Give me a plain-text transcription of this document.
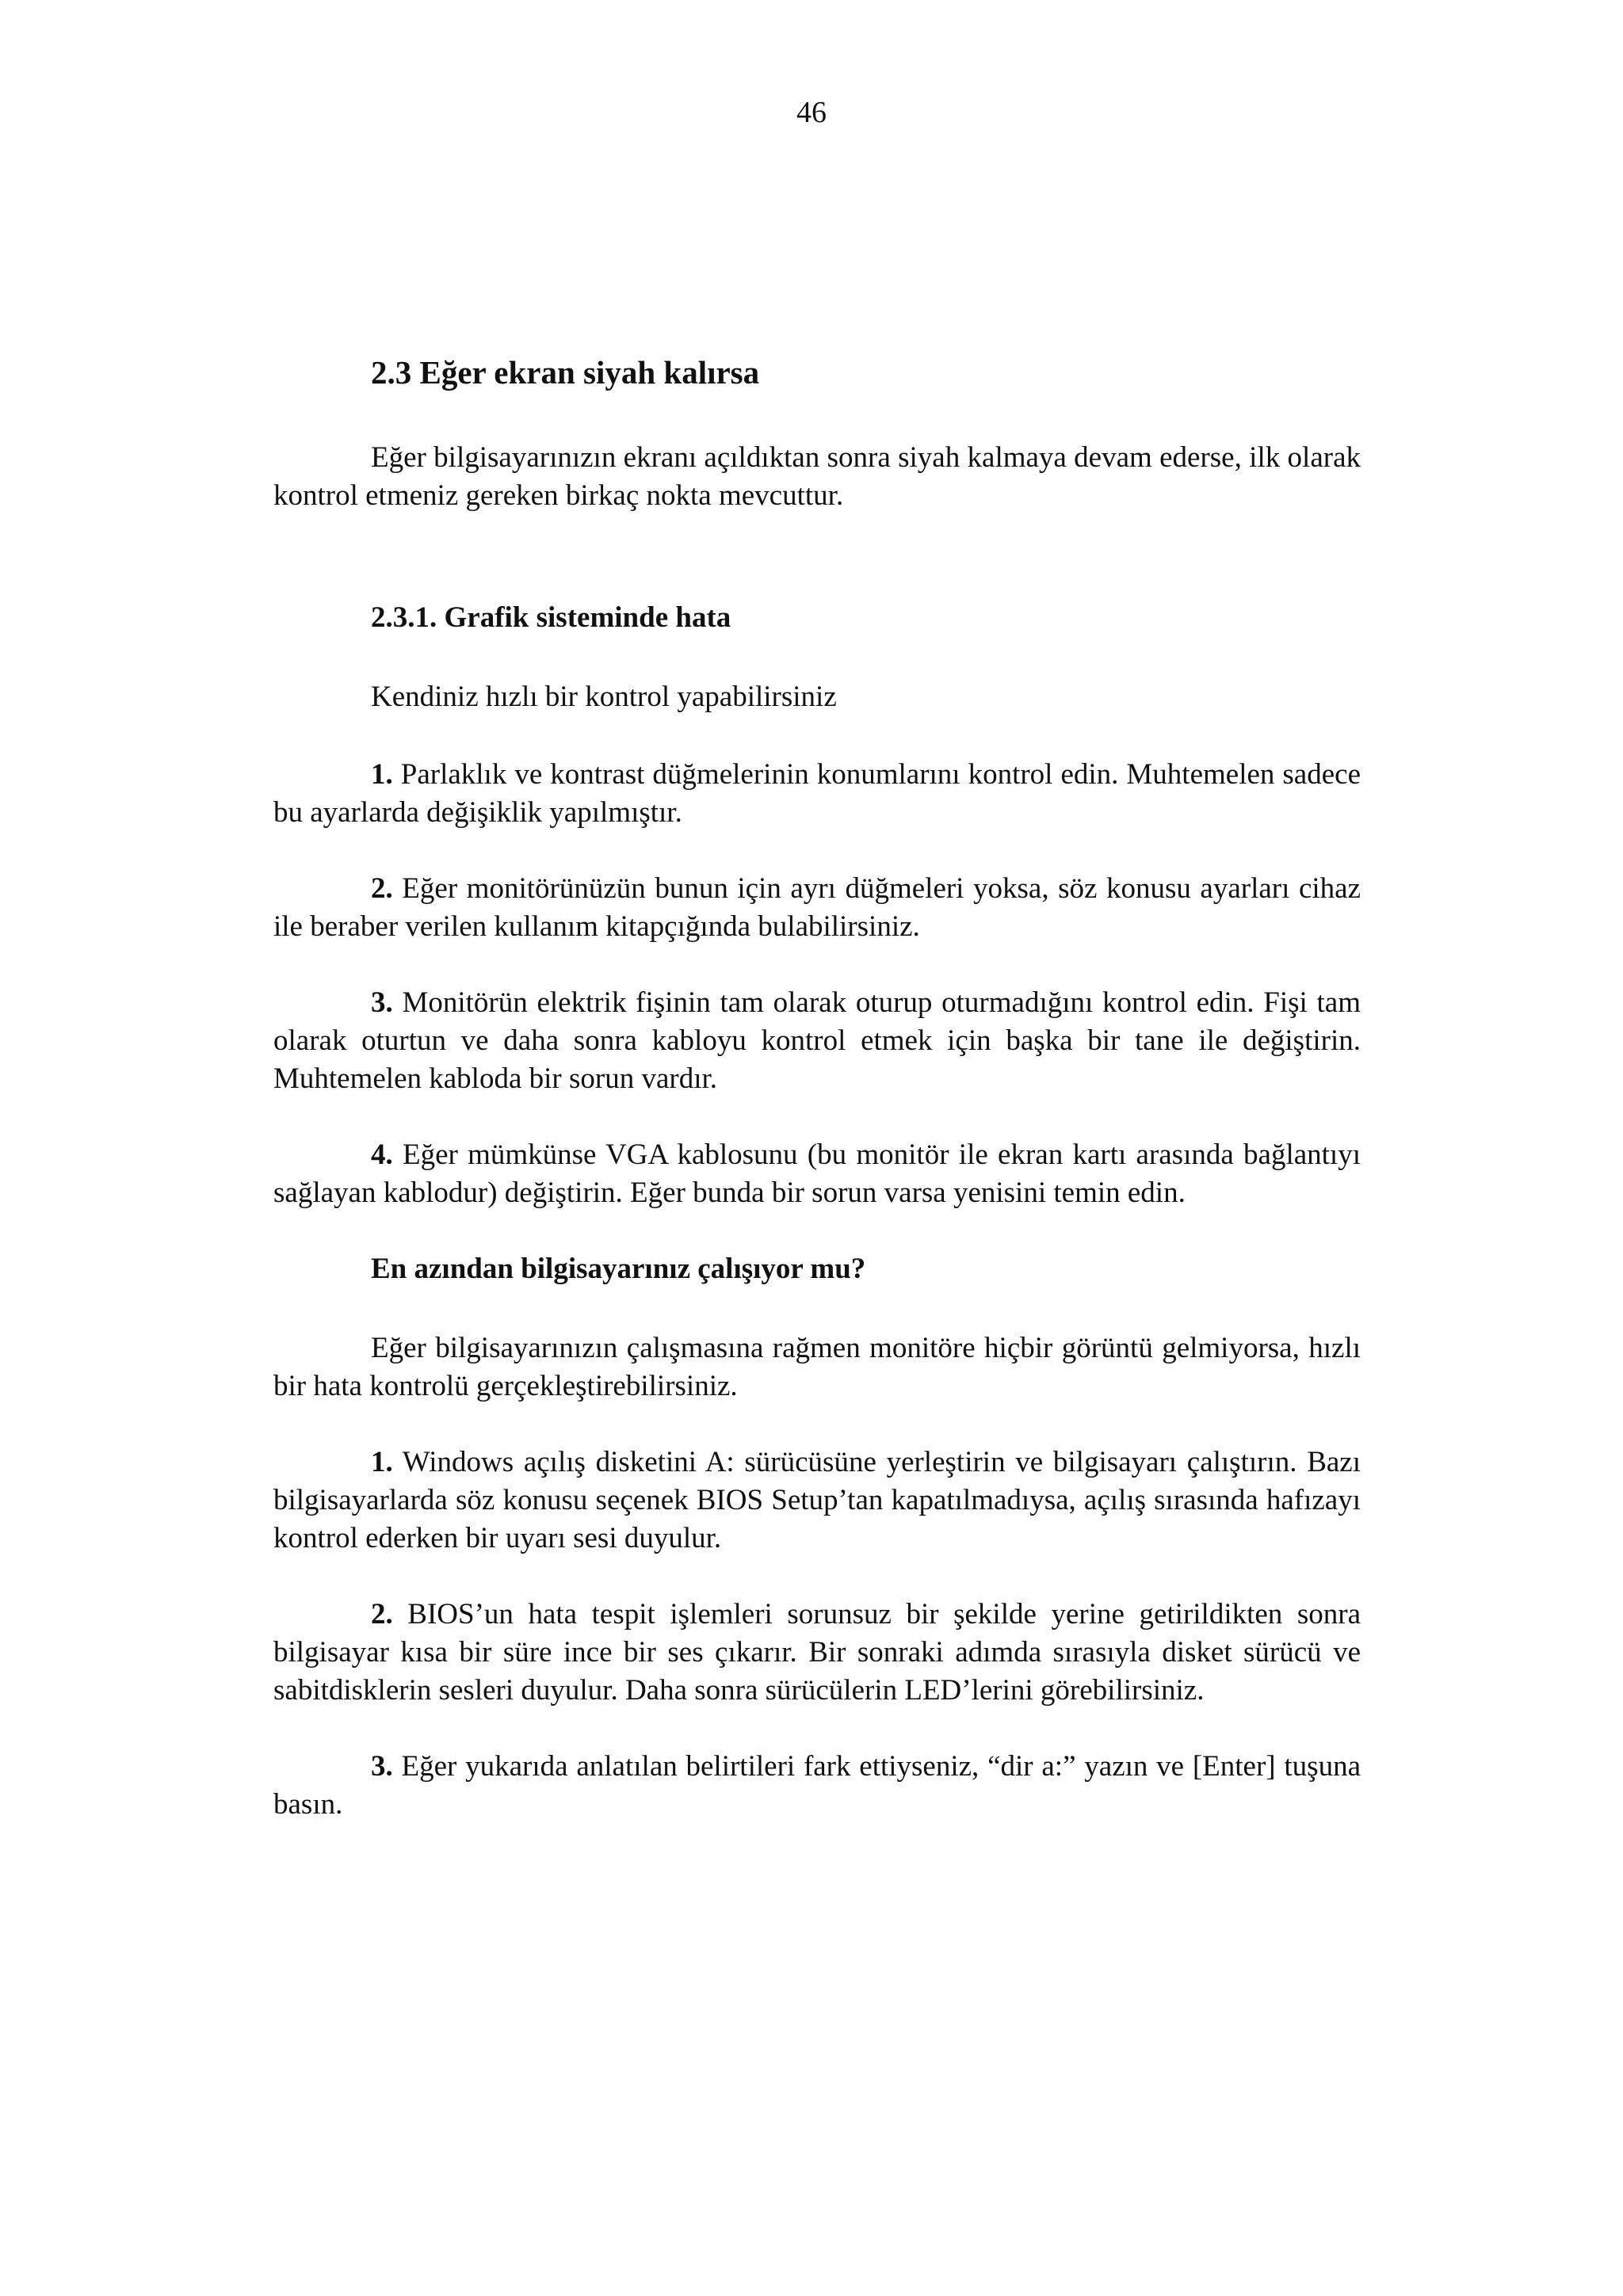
46
2.3 Eğer ekran siyah kalırsa

Eğer bilgisayarınızın ekranı açıldıktan sonra siyah kalmaya devam ederse, ilk olarak kontrol etmeniz gereken birkaç nokta mevcuttur.

2.3.1. Grafik sisteminde hata

Kendiniz hızlı bir kontrol yapabilirsiniz

1. Parlaklık ve kontrast düğmelerinin konumlarını kontrol edin. Muhtemelen sadece bu ayarlarda değişiklik yapılmıştır.

2. Eğer monitörünüzün bunun için ayrı düğmeleri yoksa, söz konusu ayarları cihaz ile beraber verilen kullanım kitapçığında bulabilirsiniz.

3. Monitörün elektrik fişinin tam olarak oturup oturmadığını kontrol edin. Fişi tam olarak oturtun ve daha sonra kabloyu kontrol etmek için başka bir tane ile değiştirin. Muhtemelen kabloda bir sorun vardır.

4. Eğer mümkünse VGA kablosunu (bu monitör ile ekran kartı arasında bağlantıyı sağlayan kablodur) değiştirin. Eğer bunda bir sorun varsa yenisini temin edin.

En azından bilgisayarınız çalışıyor mu?

Eğer bilgisayarınızın çalışmasına rağmen monitöre hiçbir görüntü gelmiyorsa, hızlı bir hata kontrolü gerçekleştirebilirsiniz.

1. Windows açılış disketini A: sürücüsüne yerleştirin ve bilgisayarı çalıştırın. Bazı bilgisayarlarda söz konusu seçenek BIOS Setup’tan kapatılmadıysa, açılış sırasında hafızayı kontrol ederken bir uyarı sesi duyulur.

2. BIOS’un hata tespit işlemleri sorunsuz bir şekilde yerine getirildikten sonra bilgisayar kısa bir süre ince bir ses çıkarır. Bir sonraki adımda sırasıyla disket sürücü ve sabitdisklerin sesleri duyulur. Daha sonra sürücülerin LED’lerini görebilirsiniz.

3. Eğer yukarıda anlatılan belirtileri fark ettiyseniz, “dir a:” yazın ve [Enter] tuşuna basın.
